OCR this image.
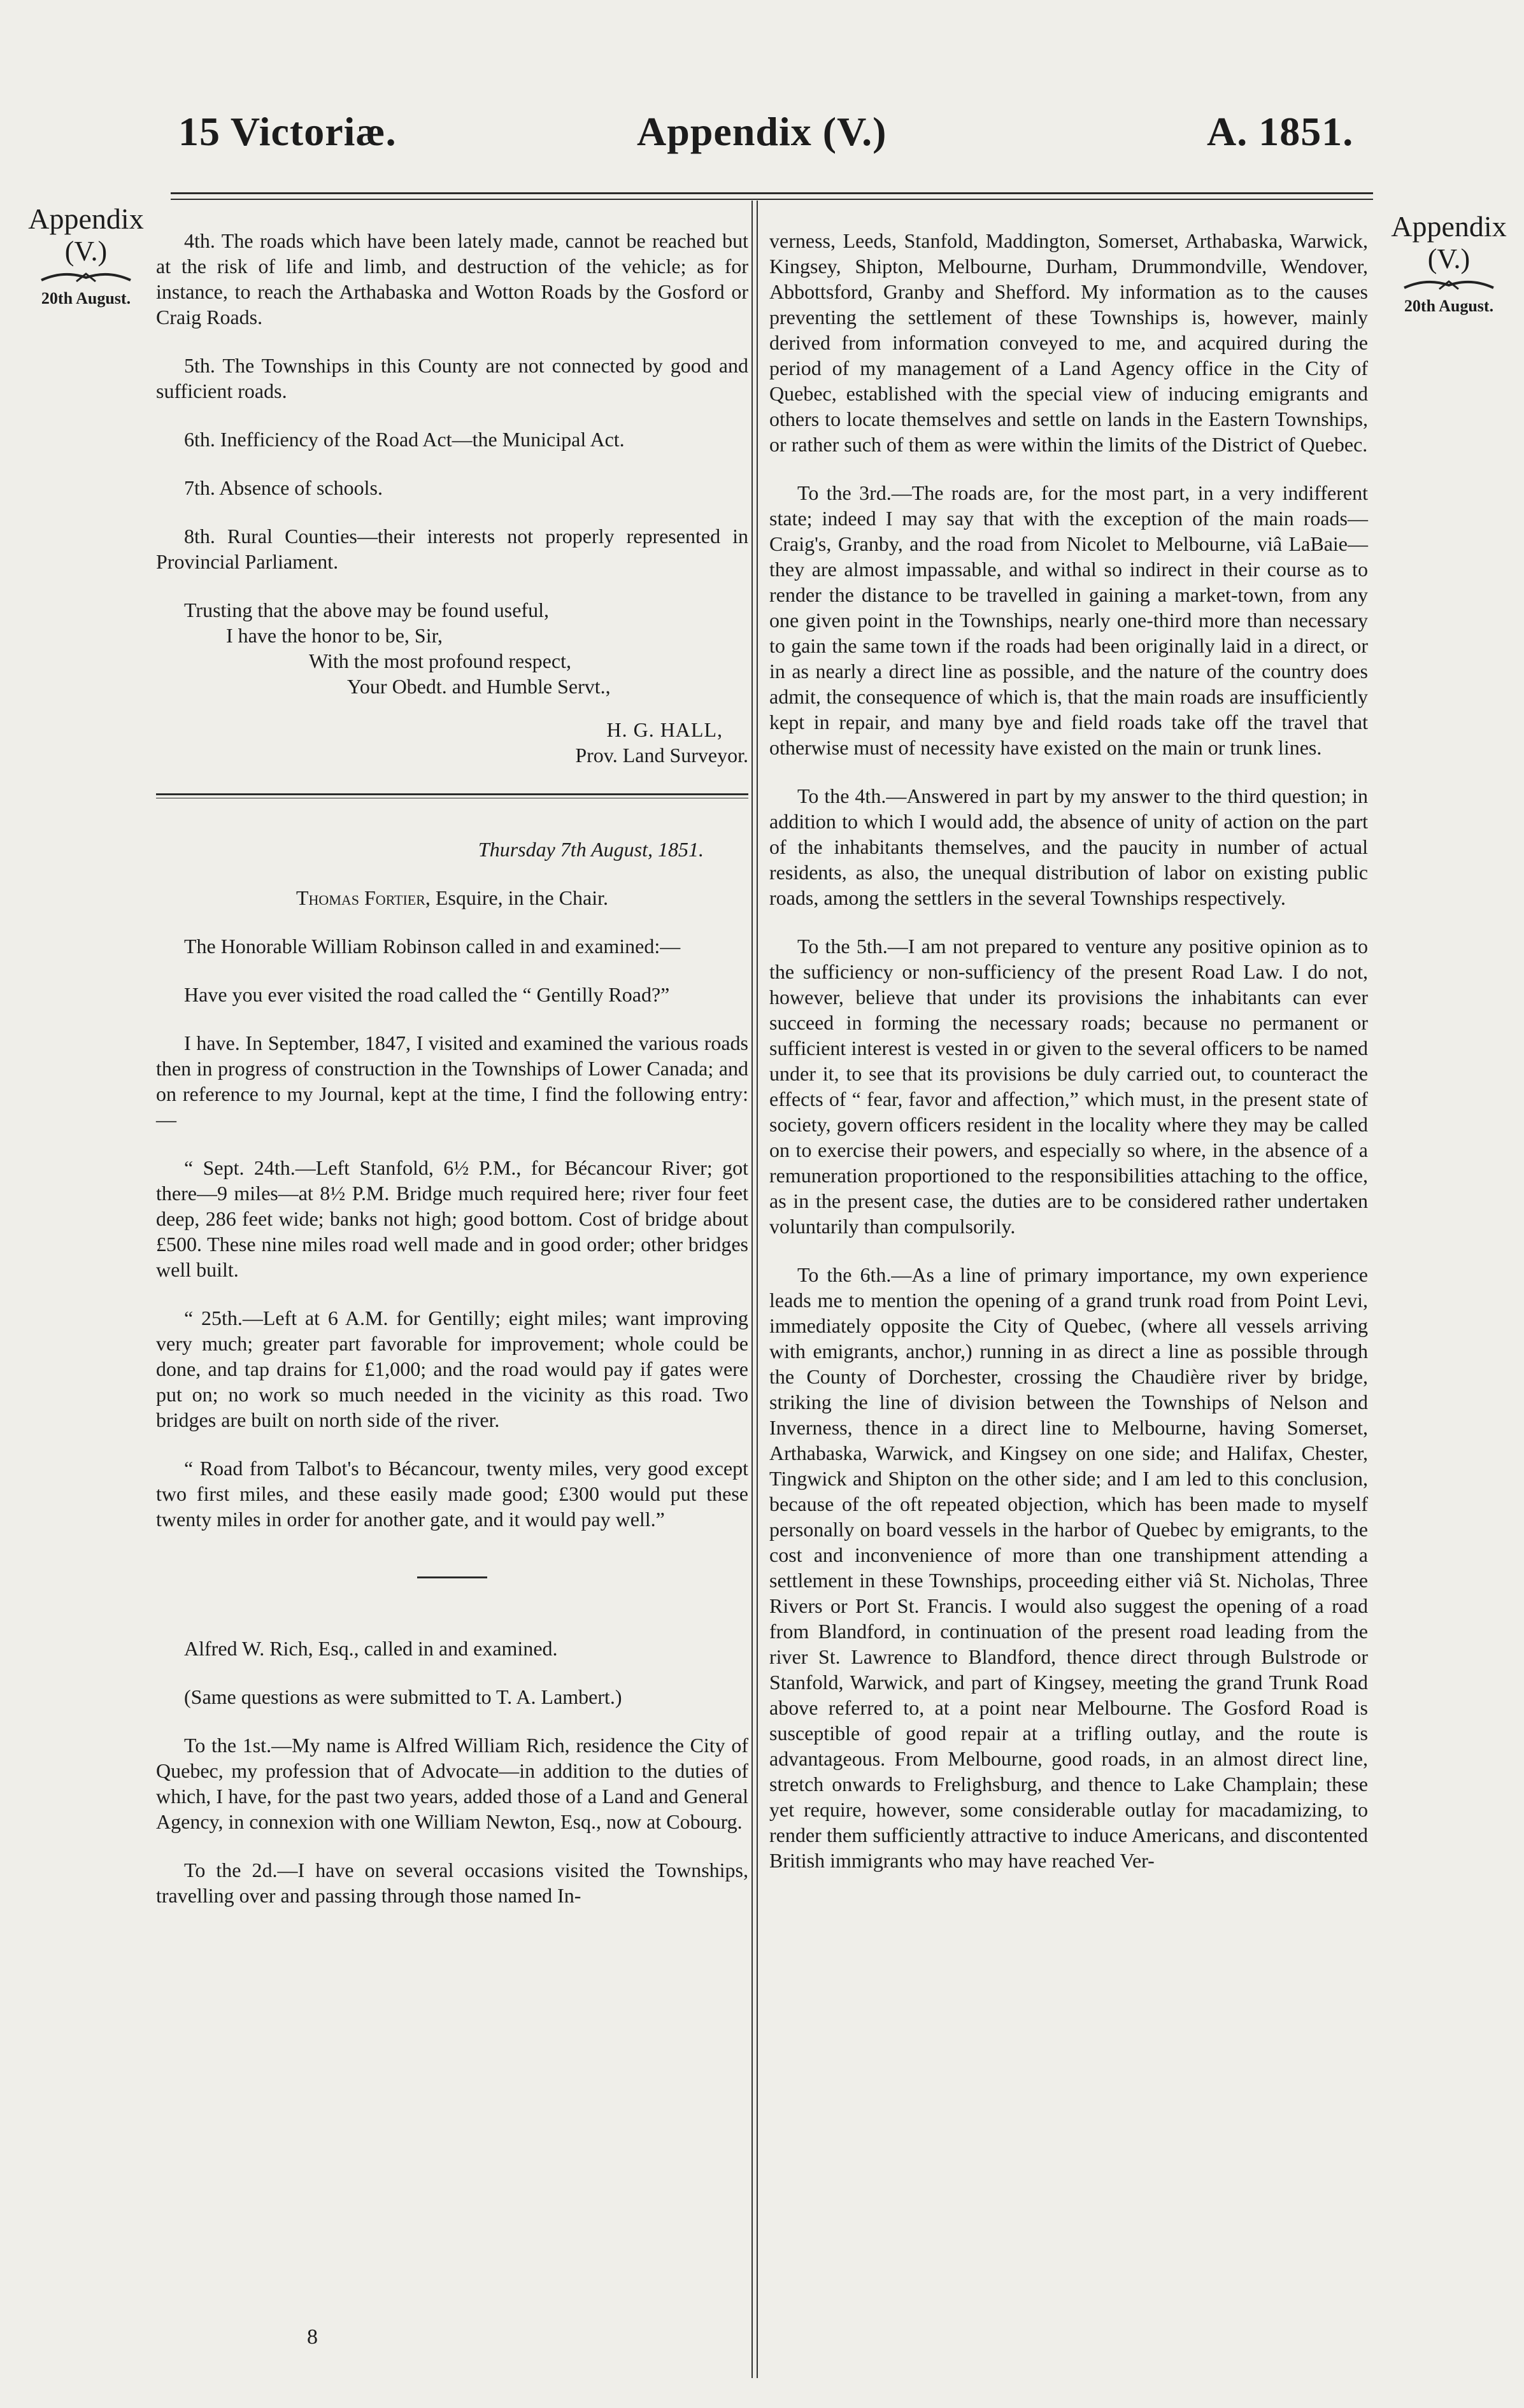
15 Victoriæ.	Appendix (V.)	A. 1851.
Appendix
(V.)
20th August.
Appendix
(V.)
20th August.

4th. The roads which have been lately made, cannot be reached but at the risk of life and limb, and destruction of the vehicle; as for instance, to reach the Arthabaska and Wotton Roads by the Gosford or Craig Roads.

5th. The Townships in this County are not connected by good and sufficient roads.

6th. Inefficiency of the Road Act—the Municipal Act.

7th. Absence of schools.

8th. Rural Counties—their interests not properly represented in Provincial Parliament.

Trusting that the above may be found useful,
I have the honor to be, Sir,
With the most profound respect,
Your Obedt. and Humble Servt.,
H. G. HALL,
Prov. Land Surveyor.
Thursday 7th August, 1851.
Thomas Fortier, Esquire, in the Chair.

The Honorable William Robinson called in and examined:—

Have you ever visited the road called the “ Gentilly Road?”

I have. In September, 1847, I visited and examined the various roads then in progress of construction in the Townships of Lower Canada; and on reference to my Journal, kept at the time, I find the following entry:—

“ Sept. 24th.—Left Stanfold, 6½ P.M., for Bécancour River; got there—9 miles—at 8½ P.M. Bridge much required here; river four feet deep, 286 feet wide; banks not high; good bottom. Cost of bridge about £500. These nine miles road well made and in good order; other bridges well built.

“ 25th.—Left at 6 A.M. for Gentilly; eight miles; want improving very much; greater part favorable for improvement; whole could be done, and tap drains for £1,000; and the road would pay if gates were put on; no work so much needed in the vicinity as this road. Two bridges are built on north side of the river.

“ Road from Talbot's to Bécancour, twenty miles, very good except two first miles, and these easily made good; £300 would put these twenty miles in order for another gate, and it would pay well.”

Alfred W. Rich, Esq., called in and examined.

(Same questions as were submitted to T. A. Lambert.)

To the 1st.—My name is Alfred William Rich, residence the City of Quebec, my profession that of Advocate—in addition to the duties of which, I have, for the past two years, added those of a Land and General Agency, in connexion with one William Newton, Esq., now at Cobourg.

To the 2d.—I have on several occasions visited the Townships, travelling over and passing through those named In-

verness, Leeds, Stanfold, Maddington, Somerset, Arthabaska, Warwick, Kingsey, Shipton, Melbourne, Durham, Drummondville, Wendover, Abbottsford, Granby and Shefford. My information as to the causes preventing the settlement of these Townships is, however, mainly derived from information conveyed to me, and acquired during the period of my management of a Land Agency office in the City of Quebec, established with the special view of inducing emigrants and others to locate themselves and settle on lands in the Eastern Townships, or rather such of them as were within the limits of the District of Quebec.

To the 3rd.—The roads are, for the most part, in a very indifferent state; indeed I may say that with the exception of the main roads—Craig's, Granby, and the road from Nicolet to Melbourne, viâ LaBaie—they are almost impassable, and withal so indirect in their course as to render the distance to be travelled in gaining a market-town, from any one given point in the Townships, nearly one-third more than necessary to gain the same town if the roads had been originally laid in a direct, or in as nearly a direct line as possible, and the nature of the country does admit, the consequence of which is, that the main roads are insufficiently kept in repair, and many bye and field roads take off the travel that otherwise must of necessity have existed on the main or trunk lines.

To the 4th.—Answered in part by my answer to the third question; in addition to which I would add, the absence of unity of action on the part of the inhabitants themselves, and the paucity in number of actual residents, as also, the unequal distribution of labor on existing public roads, among the settlers in the several Townships respectively.

To the 5th.—I am not prepared to venture any positive opinion as to the sufficiency or non-sufficiency of the present Road Law. I do not, however, believe that under its provisions the inhabitants can ever succeed in forming the necessary roads; because no permanent or sufficient interest is vested in or given to the several officers to be named under it, to see that its provisions be duly carried out, to counteract the effects of “ fear, favor and affection,” which must, in the present state of society, govern officers resident in the locality where they may be called on to exercise their powers, and especially so where, in the absence of a remuneration proportioned to the responsibilities attaching to the office, as in the present case, the duties are to be considered rather undertaken voluntarily than compulsorily.

To the 6th.—As a line of primary importance, my own experience leads me to mention the opening of a grand trunk road from Point Levi, immediately opposite the City of Quebec, (where all vessels arriving with emigrants, anchor,) running in as direct a line as possible through the County of Dorchester, crossing the Chaudière river by bridge, striking the line of division between the Townships of Nelson and Inverness, thence in a direct line to Melbourne, having Somerset, Arthabaska, Warwick, and Kingsey on one side; and Halifax, Chester, Tingwick and Shipton on the other side; and I am led to this conclusion, because of the oft repeated objection, which has been made to myself personally on board vessels in the harbor of Quebec by emigrants, to the cost and inconvenience of more than one transhipment attending a settlement in these Townships, proceeding either viâ St. Nicholas, Three Rivers or Port St. Francis. I would also suggest the opening of a road from Blandford, in continuation of the present road leading from the river St. Lawrence to Blandford, thence direct through Bulstrode or Stanfold, Warwick, and part of Kingsey, meeting the grand Trunk Road above referred to, at a point near Melbourne. The Gosford Road is susceptible of good repair at a trifling outlay, and the route is advantageous. From Melbourne, good roads, in an almost direct line, stretch onwards to Frelighsburg, and thence to Lake Champlain; these yet require, however, some considerable outlay for macadamizing, to render them sufficiently attractive to induce Americans, and discontented British immigrants who may have reached Ver-

8
